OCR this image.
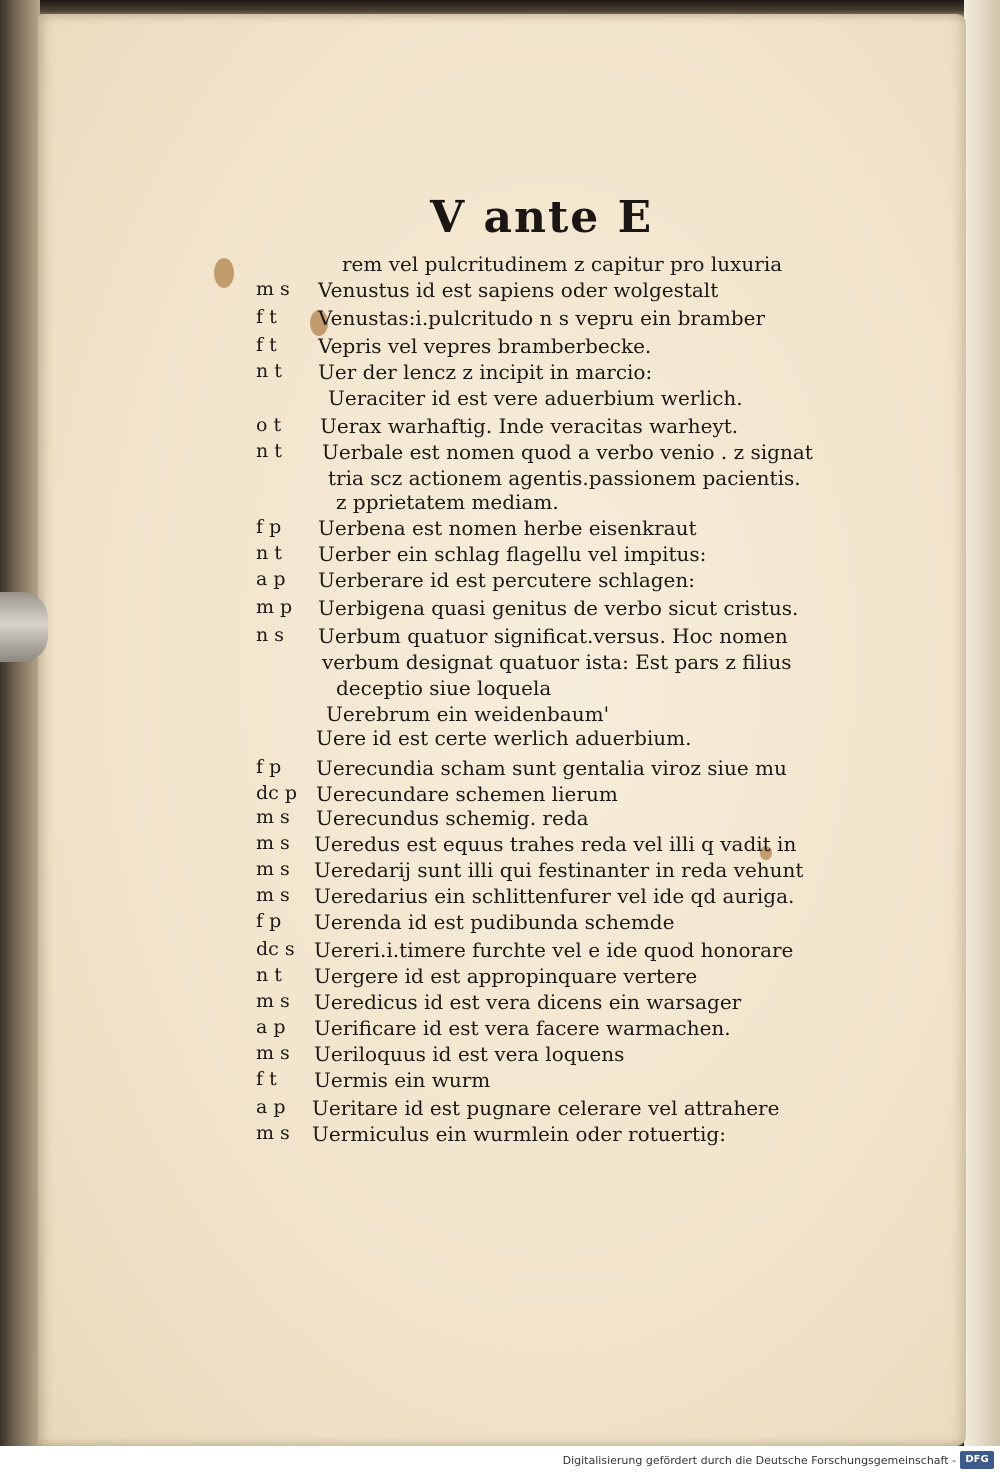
V ante E
rem vel pulcritudinem z capitur pro luxuria
m s Venustus id est sapiens oder wolgestalt
f t Venustas:i.pulcritudo n s vepru ein bramber
f t Vepris vel vepres bramberbecke.
n t Uer der lencz z incipit in marcio:
Ueraciter id est vere aduerbium werlich.
o t Uerax warhaftig. Inde veracitas warheyt.
n t Uerbale est nomen quod a verbo venio . z signat
tria scz actionem agentis.passionem pacientis.
z pprietatem mediam.
f p Uerbena est nomen herbe eisenkraut
n t Uerber ein schlag flagellu vel impitus:
a p Uerberare id est percutere schlagen:
m p Uerbigena quasi genitus de verbo sicut cristus.
n s Uerbum quatuor significat.versus. Hoc nomen
verbum designat quatuor ista: Est pars z filius
deceptio siue loquela
Uerebrum ein weidenbaum'
Uere id est certe werlich aduerbium.
f p Uerecundia scham sunt gentalia viroz siue mu
dc p Uerecundare schemen lierum
m s Uerecundus schemig. reda
m s Ueredus est equus trahes reda vel illi q vadit in
m s Ueredarij sunt illi qui festinanter in reda vehunt
m s Ueredarius ein schlittenfurer vel ide qd auriga.
f p Uerenda id est pudibunda schemde
dc s Uereri.i.timere furchte vel e ide quod honorare
n t Uergere id est appropinquare vertere
m s Ueredicus id est vera dicens ein warsager
a p Uerificare id est vera facere warmachen.
m s Ueriloquus id est vera loquens
f t Uermis ein wurm
a p Ueritare id est pugnare celerare vel attrahere
m s Uermiculus ein wurmlein oder rotuertig:
Digitalisierung gefördert durch die Deutsche Forschungsgemeinschaft - DFG
